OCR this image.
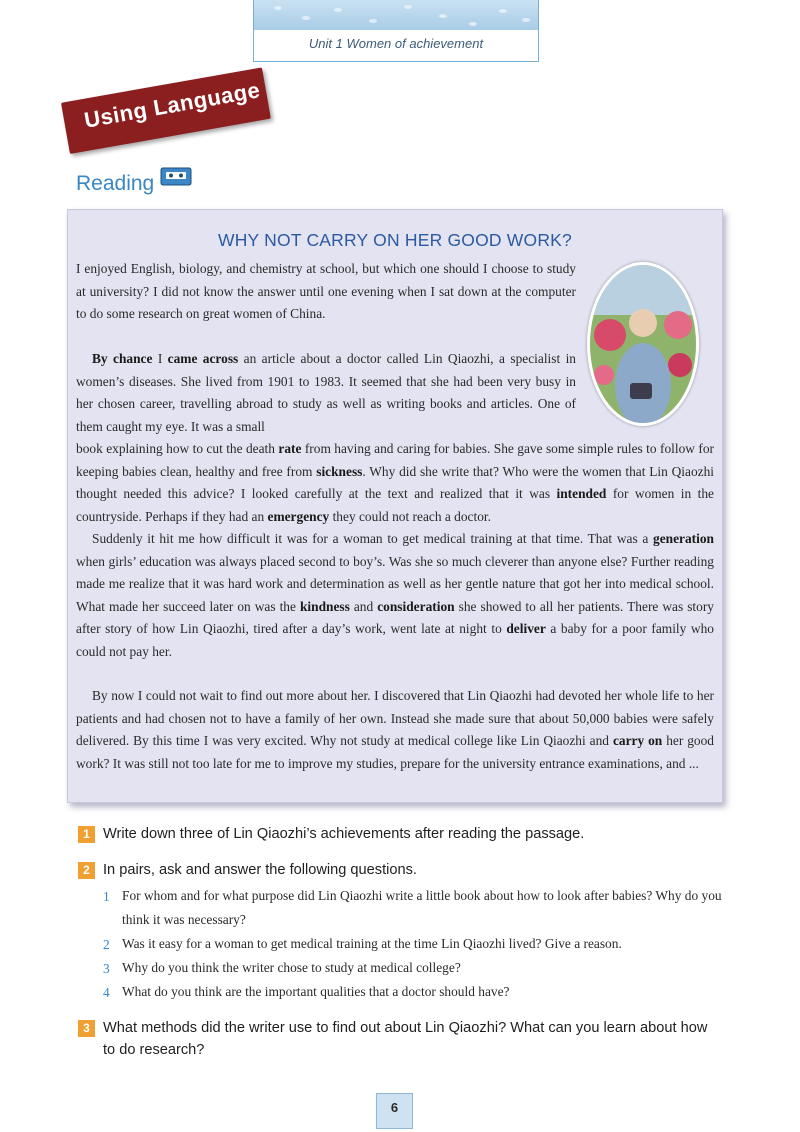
Unit 1 Women of achievement
Using Language
Reading
WHY NOT CARRY ON HER GOOD WORK?

I enjoyed English, biology, and chemistry at school, but which one should I choose to study at university? I did not know the answer until one evening when I sat down at the computer to do some research on great women of China.

By chance I came across an article about a doctor called Lin Qiaozhi, a specialist in women’s diseases. She lived from 1901 to 1983. It seemed that she had been very busy in her chosen career, travelling abroad to study as well as writing books and articles. One of them caught my eye. It was a small

book explaining how to cut the death rate from having and caring for babies. She gave some simple rules to follow for keeping babies clean, healthy and free from sickness. Why did she write that? Who were the women that Lin Qiaozhi thought needed this advice? I looked carefully at the text and realized that it was intended for women in the countryside. Perhaps if they had an emergency they could not reach a doctor.

Suddenly it hit me how difficult it was for a woman to get medical training at that time. That was a generation when girls’ education was always placed second to boy’s. Was she so much cleverer than anyone else? Further reading made me realize that it was hard work and determination as well as her gentle nature that got her into medical school. What made her succeed later on was the kindness and consideration she showed to all her patients. There was story after story of how Lin Qiaozhi, tired after a day’s work, went late at night to deliver a baby for a poor family who could not pay her.

By now I could not wait to find out more about her. I discovered that Lin Qiaozhi had devoted her whole life to her patients and had chosen not to have a family of her own. Instead she made sure that about 50,000 babies were safely delivered. By this time I was very excited. Why not study at medical college like Lin Qiaozhi and carry on her good work? It was still not too late for me to improve my studies, prepare for the university entrance examinations, and ...

1 Write down three of Lin Qiaozhi’s achievements after reading the passage.
2 In pairs, ask and answer the following questions.
1 For whom and for what purpose did Lin Qiaozhi write a little book about how to look after babies? Why do you think it was necessary?
2 Was it easy for a woman to get medical training at the time Lin Qiaozhi lived? Give a reason.
3 Why do you think the writer chose to study at medical college?
4 What do you think are the important qualities that a doctor should have?
3 What methods did the writer use to find out about Lin Qiaozhi? What can you learn about how to do research?
6
